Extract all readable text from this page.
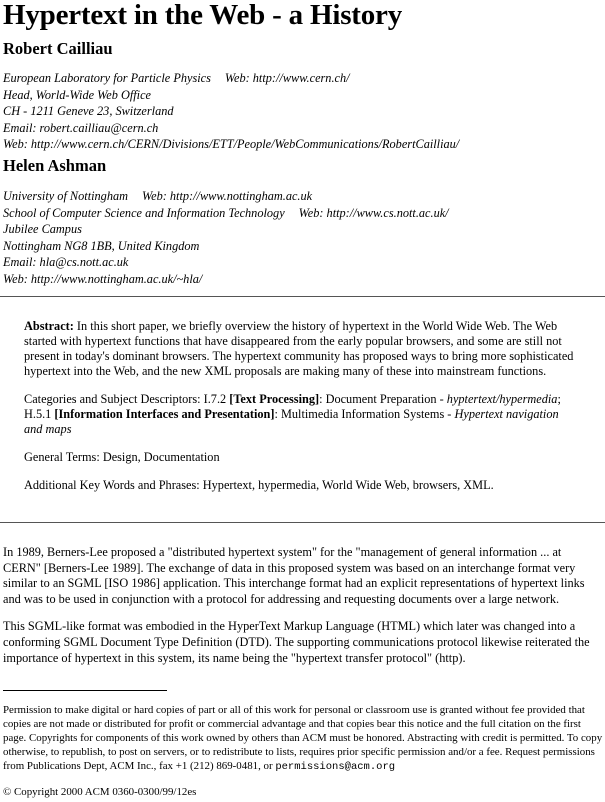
Hypertext in the Web - a History
Robert Cailliau
European Laboratory for Particle Physics Web: http://www.cern.ch/
Head, World-Wide Web Office
CH - 1211 Geneve 23, Switzerland
Email: robert.cailliau@cern.ch
Web: http://www.cern.ch/CERN/Divisions/ETT/People/WebCommunications/RobertCailliau/
Helen Ashman
University of Nottingham Web: http://www.nottingham.ac.uk
School of Computer Science and Information Technology Web: http://www.cs.nott.ac.uk/
Jubilee Campus
Nottingham NG8 1BB, United Kingdom
Email: hla@cs.nott.ac.uk
Web: http://www.nottingham.ac.uk/~hla/

Abstract: In this short paper, we briefly overview the history of hypertext in the World Wide Web. The Web started with hypertext functions that have disappeared from the early popular browsers, and some are still not present in today's dominant browsers. The hypertext community has proposed ways to bring more sophisticated hypertext into the Web, and the new XML proposals are making many of these into mainstream functions.

Categories and Subject Descriptors: I.7.2 [Text Processing]: Document Preparation - hyptertext/hypermedia; H.5.1 [Information Interfaces and Presentation]: Multimedia Information Systems - Hypertext navigation and maps

General Terms: Design, Documentation

Additional Key Words and Phrases: Hypertext, hypermedia, World Wide Web, browsers, XML.

In 1989, Berners-Lee proposed a "distributed hypertext system" for the "management of general information ... at CERN" [Berners-Lee 1989]. The exchange of data in this proposed system was based on an interchange format very similar to an SGML [ISO 1986] application. This interchange format had an explicit representations of hypertext links and was to be used in conjunction with a protocol for addressing and requesting documents over a large network.

This SGML-like format was embodied in the HyperText Markup Language (HTML) which later was changed into a conforming SGML Document Type Definition (DTD). The supporting communications protocol likewise reiterated the importance of hypertext in this system, its name being the "hypertext transfer protocol" (http).

Permission to make digital or hard copies of part or all of this work for personal or classroom use is granted without fee provided that copies are not made or distributed for profit or commercial advantage and that copies bear this notice and the full citation on the first page. Copyrights for components of this work owned by others than ACM must be honored. Abstracting with credit is permitted. To copy otherwise, to republish, to post on servers, or to redistribute to lists, requires prior specific permission and/or a fee. Request permissions from Publications Dept, ACM Inc., fax +1 (212) 869-0481, or permissions@acm.org
© Copyright 2000 ACM 0360-0300/99/12es
